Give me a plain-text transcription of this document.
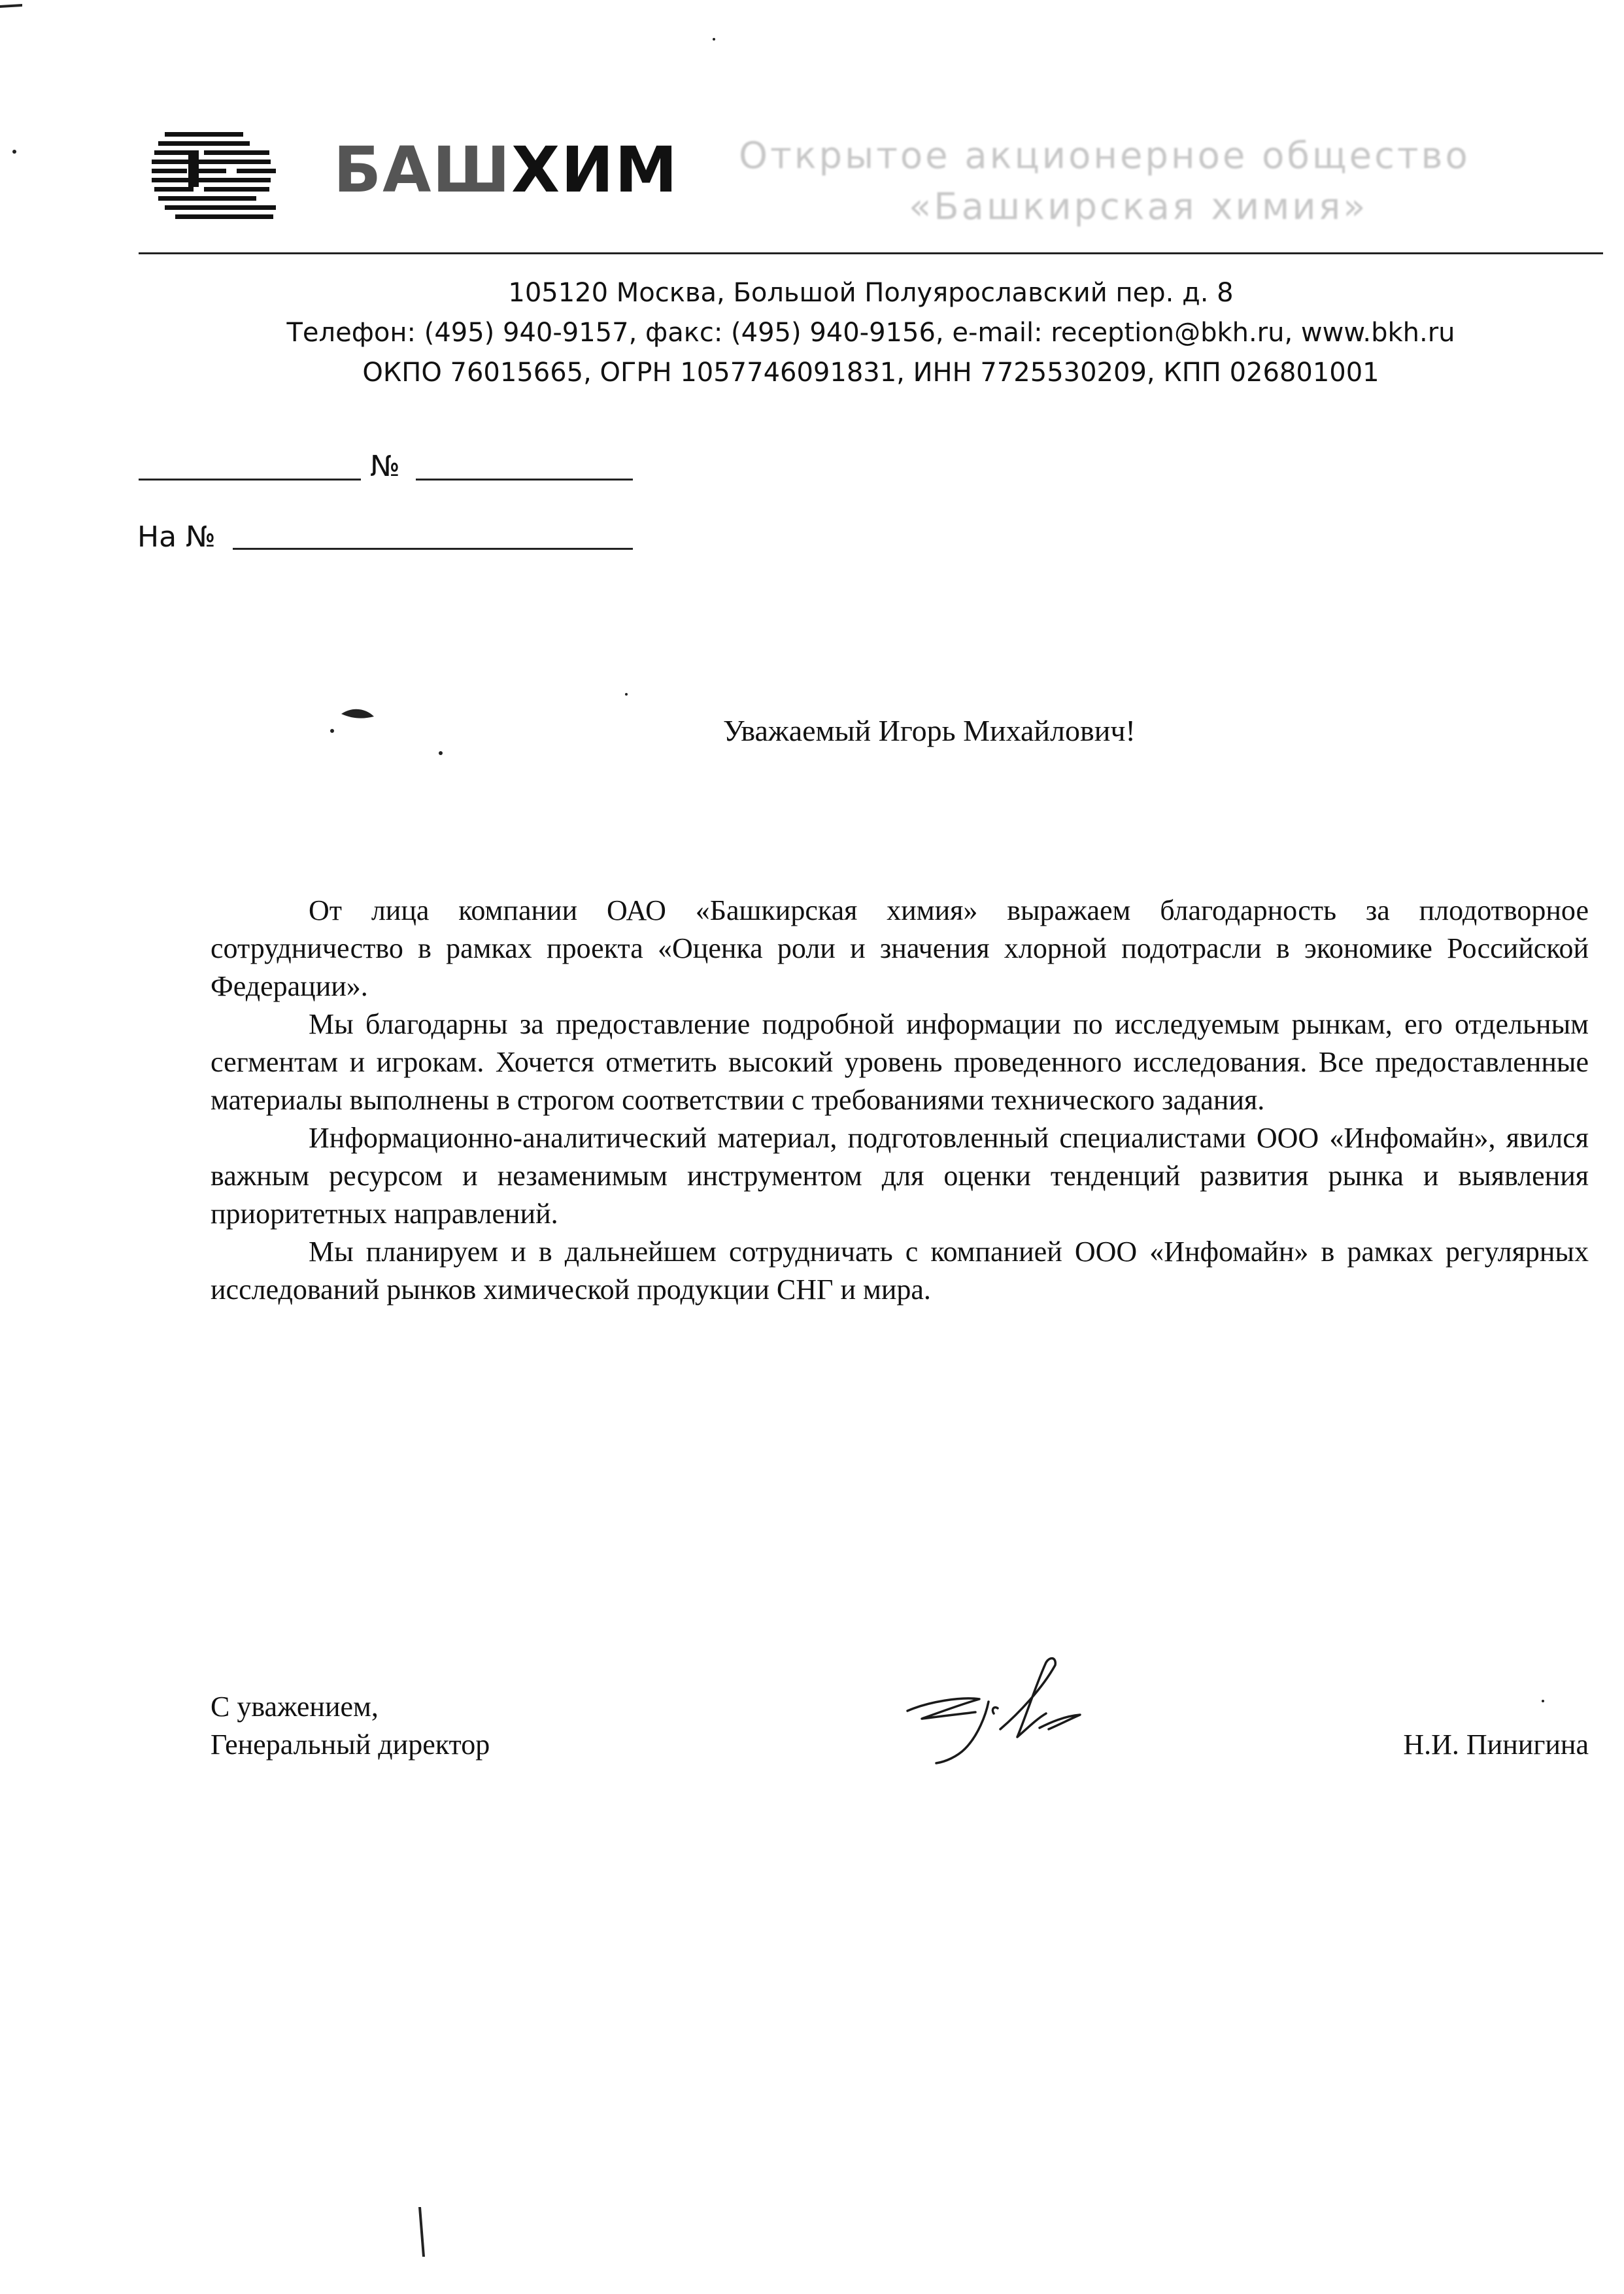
БАШХИМ Открытое акционерное общество
«Башкирская химия»
105120 Москва, Большой Полуярославский пер. д. 8
Телефон: (495) 940-9157, факс: (495) 940-9156, e-mail: reception@bkh.ru, www.bkh.ru
ОКПО 76015665, ОГРН 1057746091831, ИНН 7725530209, КПП 026801001
№
На №
Уважаемый Игорь Михайлович!

От лица компании ОАО «Башкирская химия» выражаем благодарность за плодотворное сотрудничество в рамках проекта «Оценка роли и значения хлорной подотрасли в экономике Российской Федерации».

Мы благодарны за предоставление подробной информации по исследуемым рынкам, его отдельным сегментам и игрокам. Хочется отметить высокий уровень проведенного исследования. Все предоставленные материалы выполнены в строгом соответствии с требованиями технического задания.

Информационно-аналитический материал, подготовленный специалистами ООО «Инфомайн», явился важным ресурсом и незаменимым инструментом для оценки тенденций развития рынка и выявления приоритетных направлений.

Мы планируем и в дальнейшем сотрудничать с компанией ООО «Инфомайн» в рамках регулярных исследований рынков химической продукции СНГ и мира.

С уважением,
Генеральный директор	Н.И. Пинигина
